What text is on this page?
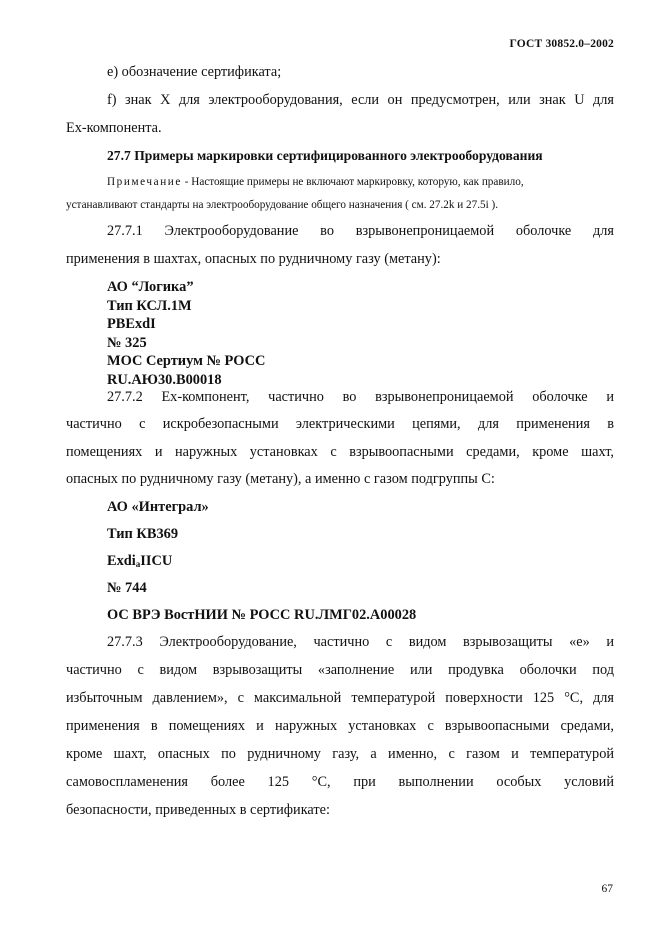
ГОСТ 30852.0–2002
е) обозначение сертификата;
f) знак X для электрооборудования, если он предусмотрен, или знак U для
Ex-компонента.
27.7 Примеры маркировки сертифицированного электрооборудования
Примечание - Настоящие примеры не включают маркировку, которую, как правило,
устанавливают стандарты на электрооборудование общего назначения ( см. 27.2k и 27.5i ).
27.7.1 Электрооборудование во взрывонепроницаемой оболочке для
применения в шахтах, опасных по рудничному газу (метану):
АО “Логика”
Тип КСЛ.1М
РВЕxdI
№ 325
МОС Сертиум № РОСС
RU.АЮ30.В00018
27.7.2 Ex-компонент, частично во взрывонепроницаемой оболочке и
частично с искробезопасными электрическими цепями, для применения в
помещениях и наружных установках с взрывоопасными средами, кроме шахт,
опасных по рудничному газу (метану), а именно с газом подгруппы С:
АО «Интеграл»
Тип КВ369
Exdi$_a$IIСU
№ 744
ОС ВРЭ ВостНИИ № РОСС RU.ЛМГ02.А00028
27.7.3 Электрооборудование, частично с видом взрывозащиты «е» и
частично с видом взрывозащиты «заполнение или продувка оболочки под
избыточным давлением», с максимальной температурой поверхности 125 °С, для
применения в помещениях и наружных установках с взрывоопасными средами,
кроме шахт, опасных по рудничному газу, а именно, с газом и температурой
самовоспламенения более 125 °С, при выполнении особых условий
безопасности, приведенных в сертификате:
67
